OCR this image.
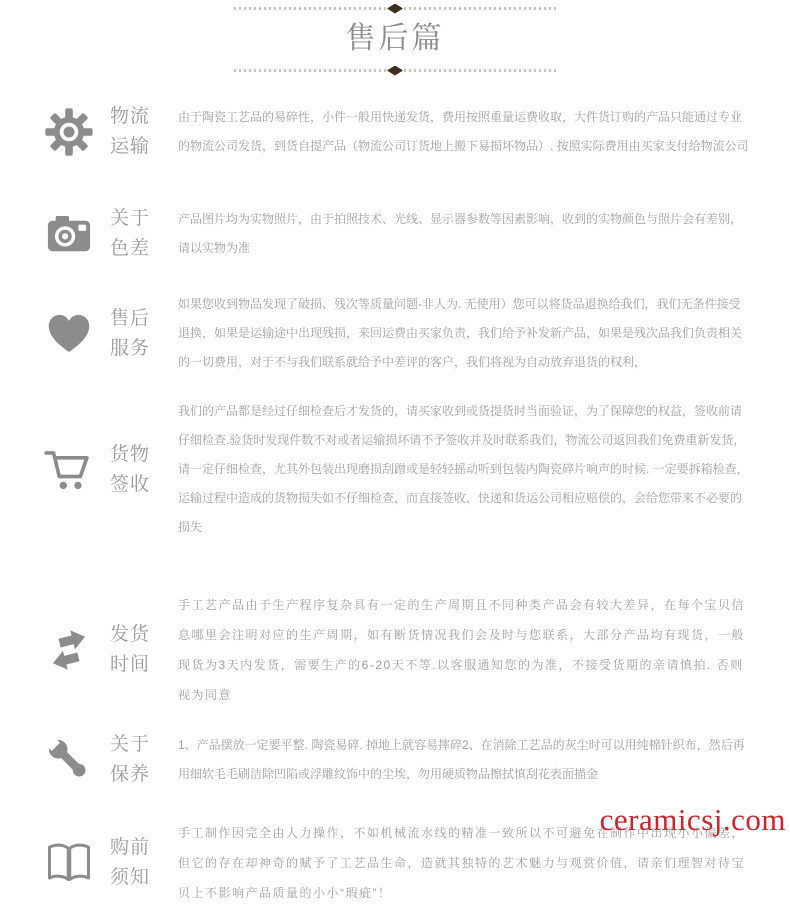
售后篇
物流运输
由于陶瓷工艺品的易碎性，小件一般用快递发货，费用按照重量运费收取，大件货订购的产品只能通过专业的物流公司发货，到货自提产品（物流公司订货地上搬下易损坏物品）. 按照实际费用由买家支付给物流公司
关于色差
产品图片均为实物照片，由于拍照技术、光线、显示器参数等因素影响，收到的实物颜色与照片会有差别，请以实物为准
售后服务
如果您收到物品发现了破损、残次等质量问题-非人为. 无使用）您可以将货品退换给我们，我们无条件接受退换，如果是运输途中出现残损，来回运费由买家负责，我们给予补发新产品，如果是残次品我们负责相关的一切费用，对于不与我们联系就给予中差评的客户，我们将视为自动放弃退货的权利，
货物签收
我们的产品都是经过仔细检查后才发货的，请买家收到或货提货时当面验证，为了保障您的权益，签收前请仔细检查.验货时发现件数不对或者运输损坏请不予签收并及时联系我们，物流公司返回我们免费重新发货，请一定仔细检查，尤其外包装出现磨损刮蹭或是轻轻摇动听到包装内陶瓷碎片响声的时候. 一定要拆箱检查，运输过程中造成的货物损失如不仔细检查，而直接签收，快递和货运公司相应赔偿的，会给您带来不必要的损失
发货时间
手工艺产品由于生产程序复杂具有一定的生产周期且不同种类产品会有较大差异，在每个宝贝信息哪里会注明对应的生产周期，如有断货情况我们会及时与您联系，大部分产品均有现货，一般现货为3天内发货，需要生产的6-20天不等.以客服通知您的为准，不接受货期的亲请慎拍. 否则视为同意
关于保养
1、产品摆放一定要平整. 陶瓷易碎. 掉地上就容易摔碎2、在消除工艺品的灰尘时可以用纯棉针织布，然后再用细软毛毛刷洁除凹陷或浮雕纹饰中的尘埃，勿用硬质物品擦拭慎刮花表面描金
购前须知
手工制作因完全由人力操作，不如机械流水线的精准一致所以不可避免在制作中出现小小偏差，但它的存在却神奇的赋予了工艺品生命，造就其独特的艺术魅力与观赏价值，请亲们理智对待宝贝上不影响产品质量的小小“瑕疵”！
ceramicsj.com
